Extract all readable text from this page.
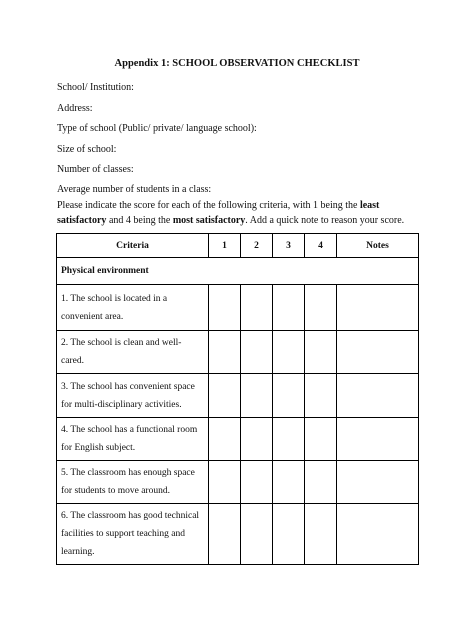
Appendix 1: SCHOOL OBSERVATION CHECKLIST
School/ Institution:
Address:
Type of school (Public/ private/ language school):
Size of school:
Number of classes:
Average number of students in a class:
Please indicate the score for each of the following criteria, with 1 being the least satisfactory and 4 being the most satisfactory. Add a quick note to reason your score.
Criteria	1	2	3	4	Notes
Physical environment					
1. The school is located in a convenient area.					
2. The school is clean and well-cared.					
3. The school has convenient space for multi-disciplinary activities.					
4. The school has a functional room for English subject.					
5. The classroom has enough space for students to move around.					
6. The classroom has good technical facilities to support teaching and learning.					
